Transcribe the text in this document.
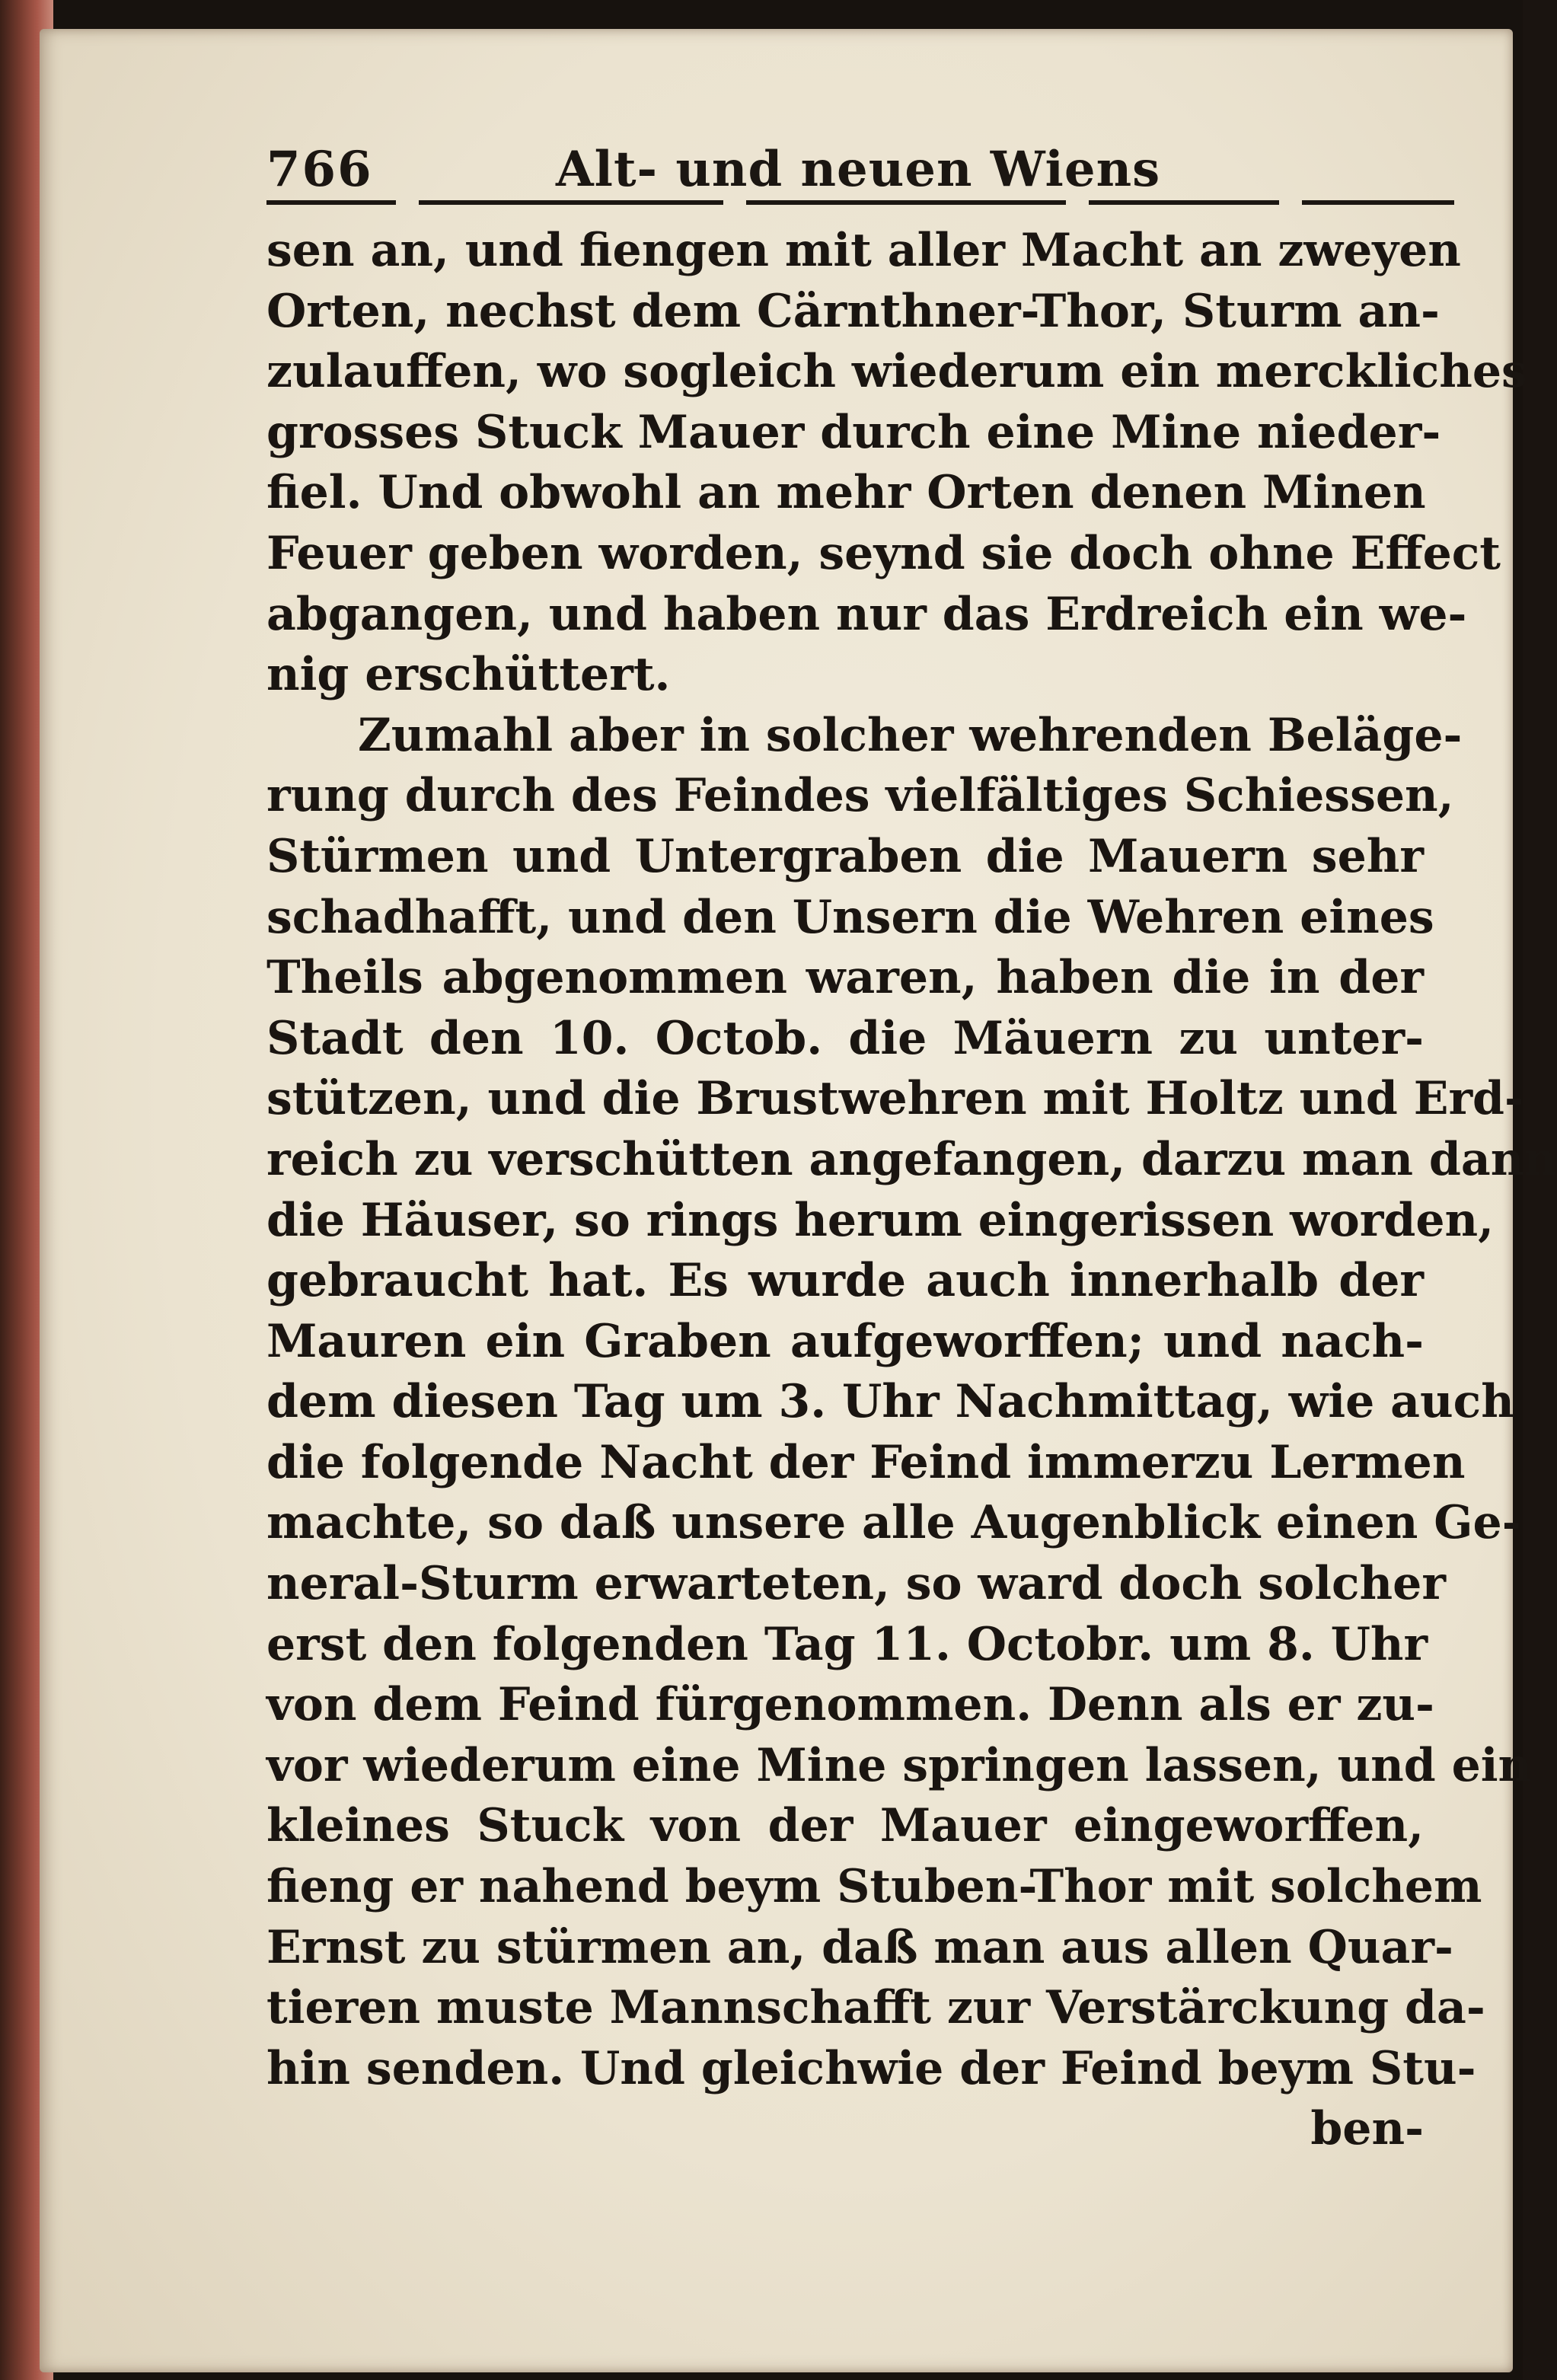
766	Alt- und neuen Wiens
sen an, und fiengen mit aller Macht an zweyen
Orten, nechst dem Cärnthner-Thor, Sturm an-
zulauffen, wo sogleich wiederum ein merckliches
grosses Stuck Mauer durch eine Mine nieder-
fiel. Und obwohl an mehr Orten denen Minen
Feuer geben worden, seynd sie doch ohne Effect
abgangen, und haben nur das Erdreich ein we-
nig erschüttert.
Zumahl aber in solcher wehrenden Beläge-
rung durch des Feindes vielfältiges Schiessen,
Stürmen und Untergraben die Mauern sehr
schadhafft, und den Unsern die Wehren eines
Theils abgenommen waren, haben die in der
Stadt den 10. Octob. die Mäuern zu unter-
stützen, und die Brustwehren mit Holtz und Erd-
reich zu verschütten angefangen, darzu man dann
die Häuser, so rings herum eingerissen worden,
gebraucht hat. Es wurde auch innerhalb der
Mauren ein Graben aufgeworffen; und nach-
dem diesen Tag um 3. Uhr Nachmittag, wie auch
die folgende Nacht der Feind immerzu Lermen
machte, so daß unsere alle Augenblick einen Ge-
neral-Sturm erwarteten, so ward doch solcher
erst den folgenden Tag 11. Octobr. um 8. Uhr
von dem Feind fürgenommen. Denn als er zu-
vor wiederum eine Mine springen lassen, und ein
kleines Stuck von der Mauer eingeworffen,
fieng er nahend beym Stuben-Thor mit solchem
Ernst zu stürmen an, daß man aus allen Quar-
tieren muste Mannschafft zur Verstärckung da-
hin senden. Und gleichwie der Feind beym Stu-
ben-
